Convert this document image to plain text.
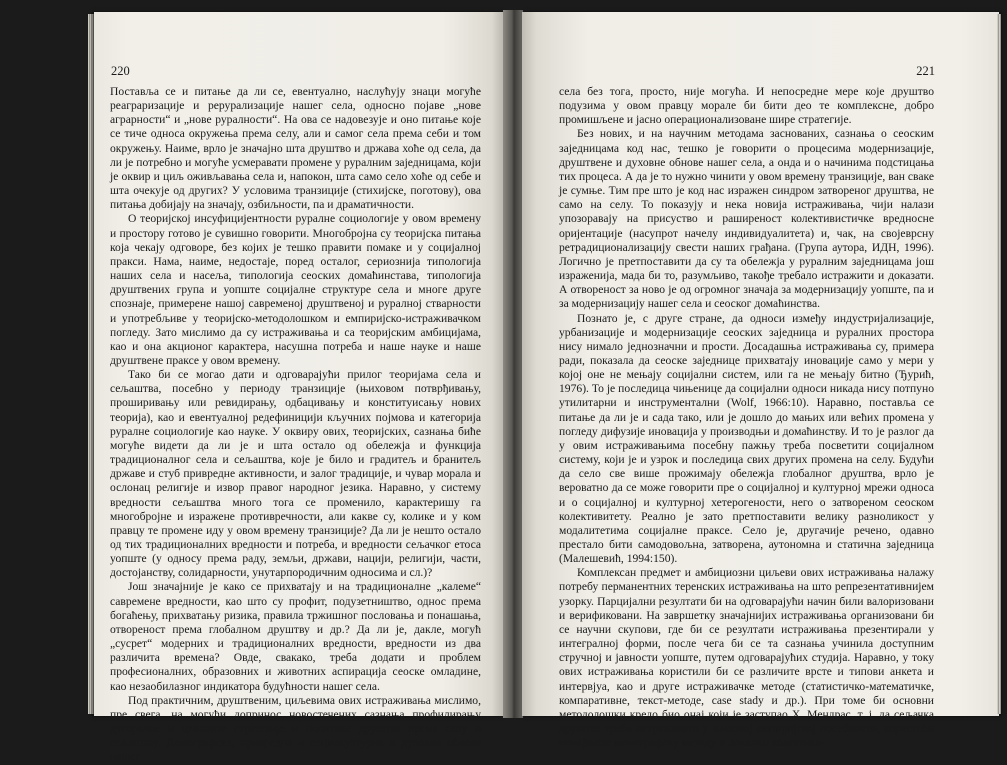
220

Постављa се и питање да ли се, евентуално, наслућују знаци могуће реаграризације и рерурализације нашег села, односно појаве „нове аграрности“ и „нове руралности“. На ова се надовезује и оно питање које се тиче односа окружења према селу, али и самог села према себи и том окружењу. Наиме, врло је значајно шта друштво и држава хоће од села, да ли је потребно и могуће усмеравати промене у руралним заједницама, који је оквир и циљ оживљавања села и, напокон, шта само село хоће од себе и шта очекује од других? У условима транзиције (стихијске, поготову), ова питања добијају на значају, озбиљности, па и драматичности.

О теоријској инсуфицијентности руралне социологије у овом времену и простору готово је сувишно говорити. Многобројна су теоријска питања која чекају одговоре, без којих је тешко правити помаке и у социјалној пракси. Нама, наиме, недостаје, поред осталог, сериозниja типологија наших села и насеља, типологија сеоских домаћинстава, типологија друштвених група и уопште социјалне структуре села и многе друге спознаје, примерене нашој савременој друштвеној и руралној стварности и употребљиве у теоријско-методолошком и емпиријско-истраживачком погледу. Зато мислимо да су истраживања и са теоријским амбицијама, као и она акционог карактера, насушна потреба и наше науке и наше друштвене праксе у овом времену.

Тако би се могао дати и одговарајући прилог теоријама села и сељаштва, посебно у периоду транзиције (њиховом потврђивању, проширивању или ревидирању, одбацивању и конституисању нових теорија), као и евентуалној редефиницији кључних појмова и категорија руралне социологије као науке. У оквиру ових, теоријских, сазнања биће могуће видети да ли је и шта остало од обележја и функција традиционалног села и сељаштва, које је било и градитељ и бранитељ државе и стуб привредне активности, и залог традиције, и чувар морала и ослонац религије и извор правог народног језика. Наравно, у систему вредности сељаштва много тога се променило, карактеришу га многобројне и изражене противречности, али какве су, колике и у ком правцу те промене иду у овом времену транзиције? Да ли је нешто остало од тих традиционалних вредности и потреба, и вредности сељачког етоса уопште (у односу према раду, земљи, држави, нацији, религији, части, достојанству, солидарности, унутарпородичним односима и сл.)?

Још значајније је како се прихватају и на традиционалне „калеме“ савремене вредности, као што су профит, подузетништво, однос према богаћењу, прихватању ризика, правила тржишног пословања и понашања, отвореност према глобалном друштву и др.? Да ли је, дакле, могућ „сусрет“ модерних и традиционалних вредности, вредности из два различита времена? Овде, свакако, треба додати и проблем професионалних, образовних и животних аспирација сеоске омладине, као незаобилазног индикатора будућности нашег села.

Под практичним, друштвеним, циљевима ових истраживања мислимо, пре свега, на могући допринос новостечених сазнања профилирању дугорочне и целовите стратегије и политике друштва према селу и сељаштву. Демографска, привредна и социокултурна и духовна обнова нашег

221

села без тога, просто, није могућа. И непосредне мере које друштво подузима у овом правцу морале би бити део те комплексне, добро промишљене и јасно операционализоване шире стратегије.

Без нових, и на научним методама заснованих, сазнања о сеоским заједницама код нас, тешко је говорити о процесима модернизације, друштвене и духовне обнове нашег села, а онда и о начинима подстицања тих процеса. А да је то нужно чинити у овом времену транзиције, ван сваке је сумње. Тим пре што је код нас изражен синдром затвореног друштва, не само на селу. То показују и нека новија истраживања, чији налази упозоравају на присуство и раширеност колективистичке вредносне оријентације (насупрот начелу индивидуалитета) и, чак, на својеврсну ретрадиционализацију свести наших грађана. (Група аутора, ИДН, 1996). Логично је претпоставити да су та обележја у руралним заједницама још израженија, мада би то, разумљиво, такође требало истражити и доказати. А отвореност за ново је од огромног значаја за модернизацију уопште, па и за модернизацију нашег села и сеоског домаћинства.

Познато је, с друге стране, да односи између индустријализације, урбанизације и модернизације сеоских заједница и руралних простора нису нимало једнозначни и прости. Досадашња истраживања су, примера ради, показала да сеоске заједнице прихватају иновације само у мери у којој оне не мењају социјални систем, или га не мењају битно (Ђурић, 1976). То је последица чињенице да социјални односи никада нису потпуно утилитарни и инструментални (Wolf, 1966:10). Наравно, поставља се питање да ли је и сада тако, или је дошло до мањих или већих промена у погледу дифузије иновација у производњи и домаћинству. И то је разлог да у овим истраживањима посебну пажњу треба посветити социјалном систему, који је и узрок и последица свих других промена на селу. Будући да село све више прожимају обележја глобалног друштва, врло је вероватно да се може говорити пре о социјалној и културној мрежи односа и о социјалној и културној хетерогености, него о затвореном сеоском колективитету. Реално је зато претпоставити велику разноликост у модалитетима социјалне праксе. Село је, другачије речено, одавно престало бити самодовољна, затворена, аутономна и статична заједница (Малешевић, 1994:150).

Комплексан предмет и амбициозни циљеви ових истраживања налажу потребу перманентних теренских истраживања на што репрезентативнијем узорку. Парцијални резултати би на одговарајући начин били валоризовани и верификовани. На завршетку значајнијих истраживања организовани би се научни скупови, где би се резултати истраживања презентирали у интегралној форми, после чега би се та сазнања учинила доступним стручној и јавности уопште, путем одговарајућих студија. Наравно, у току ових истраживања користили би се различите врсте и типови анкета и интервјуа, као и друге истраживачке методе (статистичко-математичке, компаративне, текст-методе, case stady и др.). При томе би основни методолошки кредо био онај који је заступао Х. Мендрас, т. ј. да сељачка друштва треба истраживати у њиховој емпиријској посебности, користећи понајвише монографску методу и локални колективи-
